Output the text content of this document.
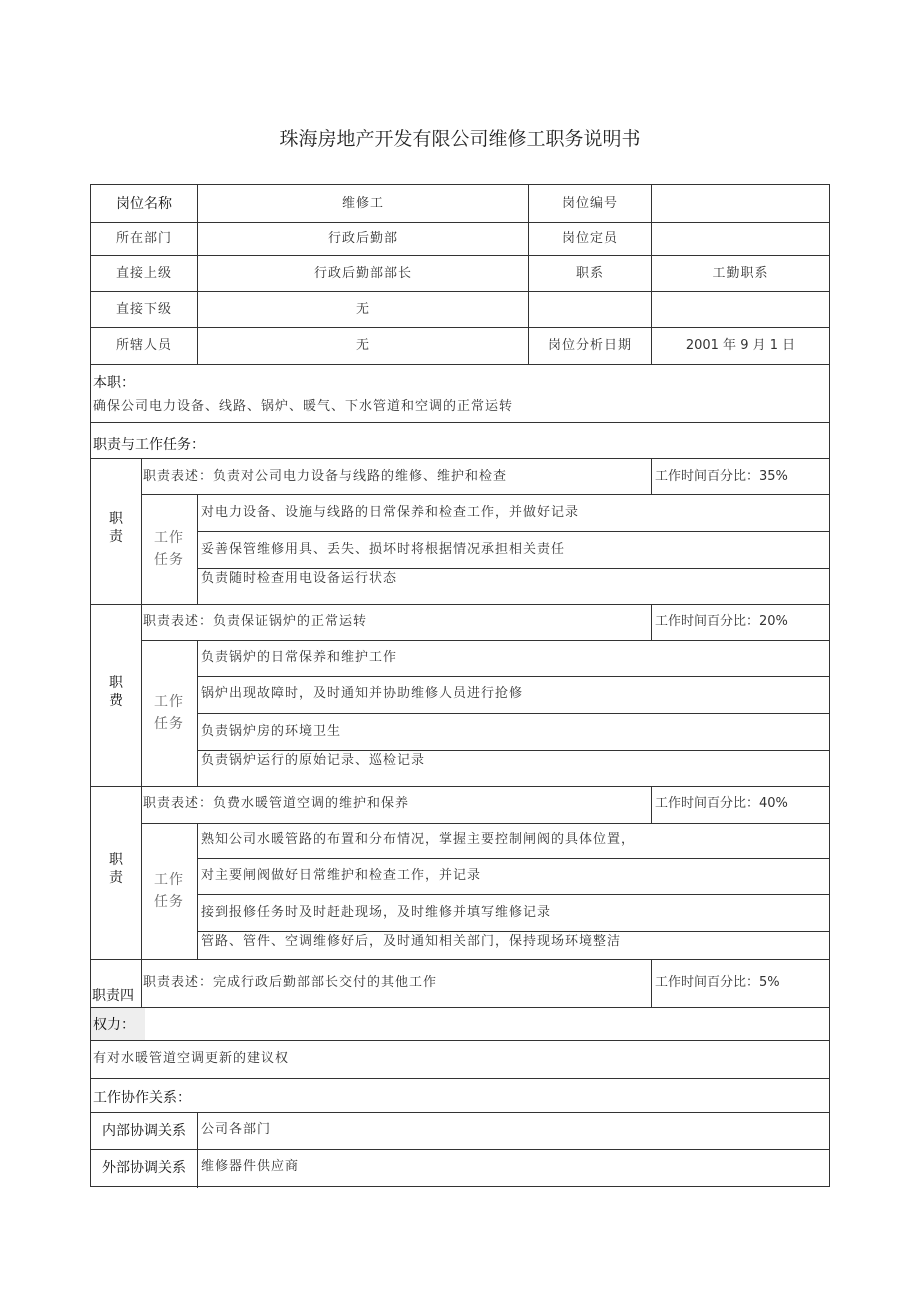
珠海房地产开发有限公司维修工职务说明书
岗位名称	维修工	岗位编号
所在部门	行政后勤部	岗位定员
直接上级	行政后勤部部长	职系	工勤职系
直接下级	无
所辖人员	无	岗位分析日期	2001 年 9 月 1 日
本职：
确保公司电力设备、线路、锅炉、暖气、下水管道和空调的正常运转
职责与工作任务：
职
责
职责表述：负责对公司电力设备与线路的维修、维护和检查	工作时间百分比：35%
工作
任务
对电力设备、设施与线路的日常保养和检查工作，并做好记录
妥善保管维修用具、丢失、损坏时将根据情况承担相关责任
负责随时检查用电设备运行状态
职
费
职责表述：负责保证锅炉的正常运转	工作时间百分比：20%
工作
任务
负责锅炉的日常保养和维护工作
锅炉出现故障时，及时通知并协助维修人员进行抢修
负责锅炉房的环境卫生
负责锅炉运行的原始记录、巡检记录
职
责
职责表述：负费水暖管道空调的维护和保养	工作时间百分比：40%
工作
任务
熟知公司水暖管路的布置和分布情况，掌握主要控制闸阀的具体位置，
对主要闸阀做好日常维护和检查工作，并记录
接到报修任务时及时赶赴现场，及时维修并填写维修记录
管路、管件、空调维修好后，及时通知相关部门，保持现场环境整洁
职责四
职责表述：完成行政后勤部部长交付的其他工作	工作时间百分比：5%
权力：
有对水暖管道空调更新的建议权
工作协作关系：
内部协调关系	公司各部门
外部协调关系	维修器件供应商
